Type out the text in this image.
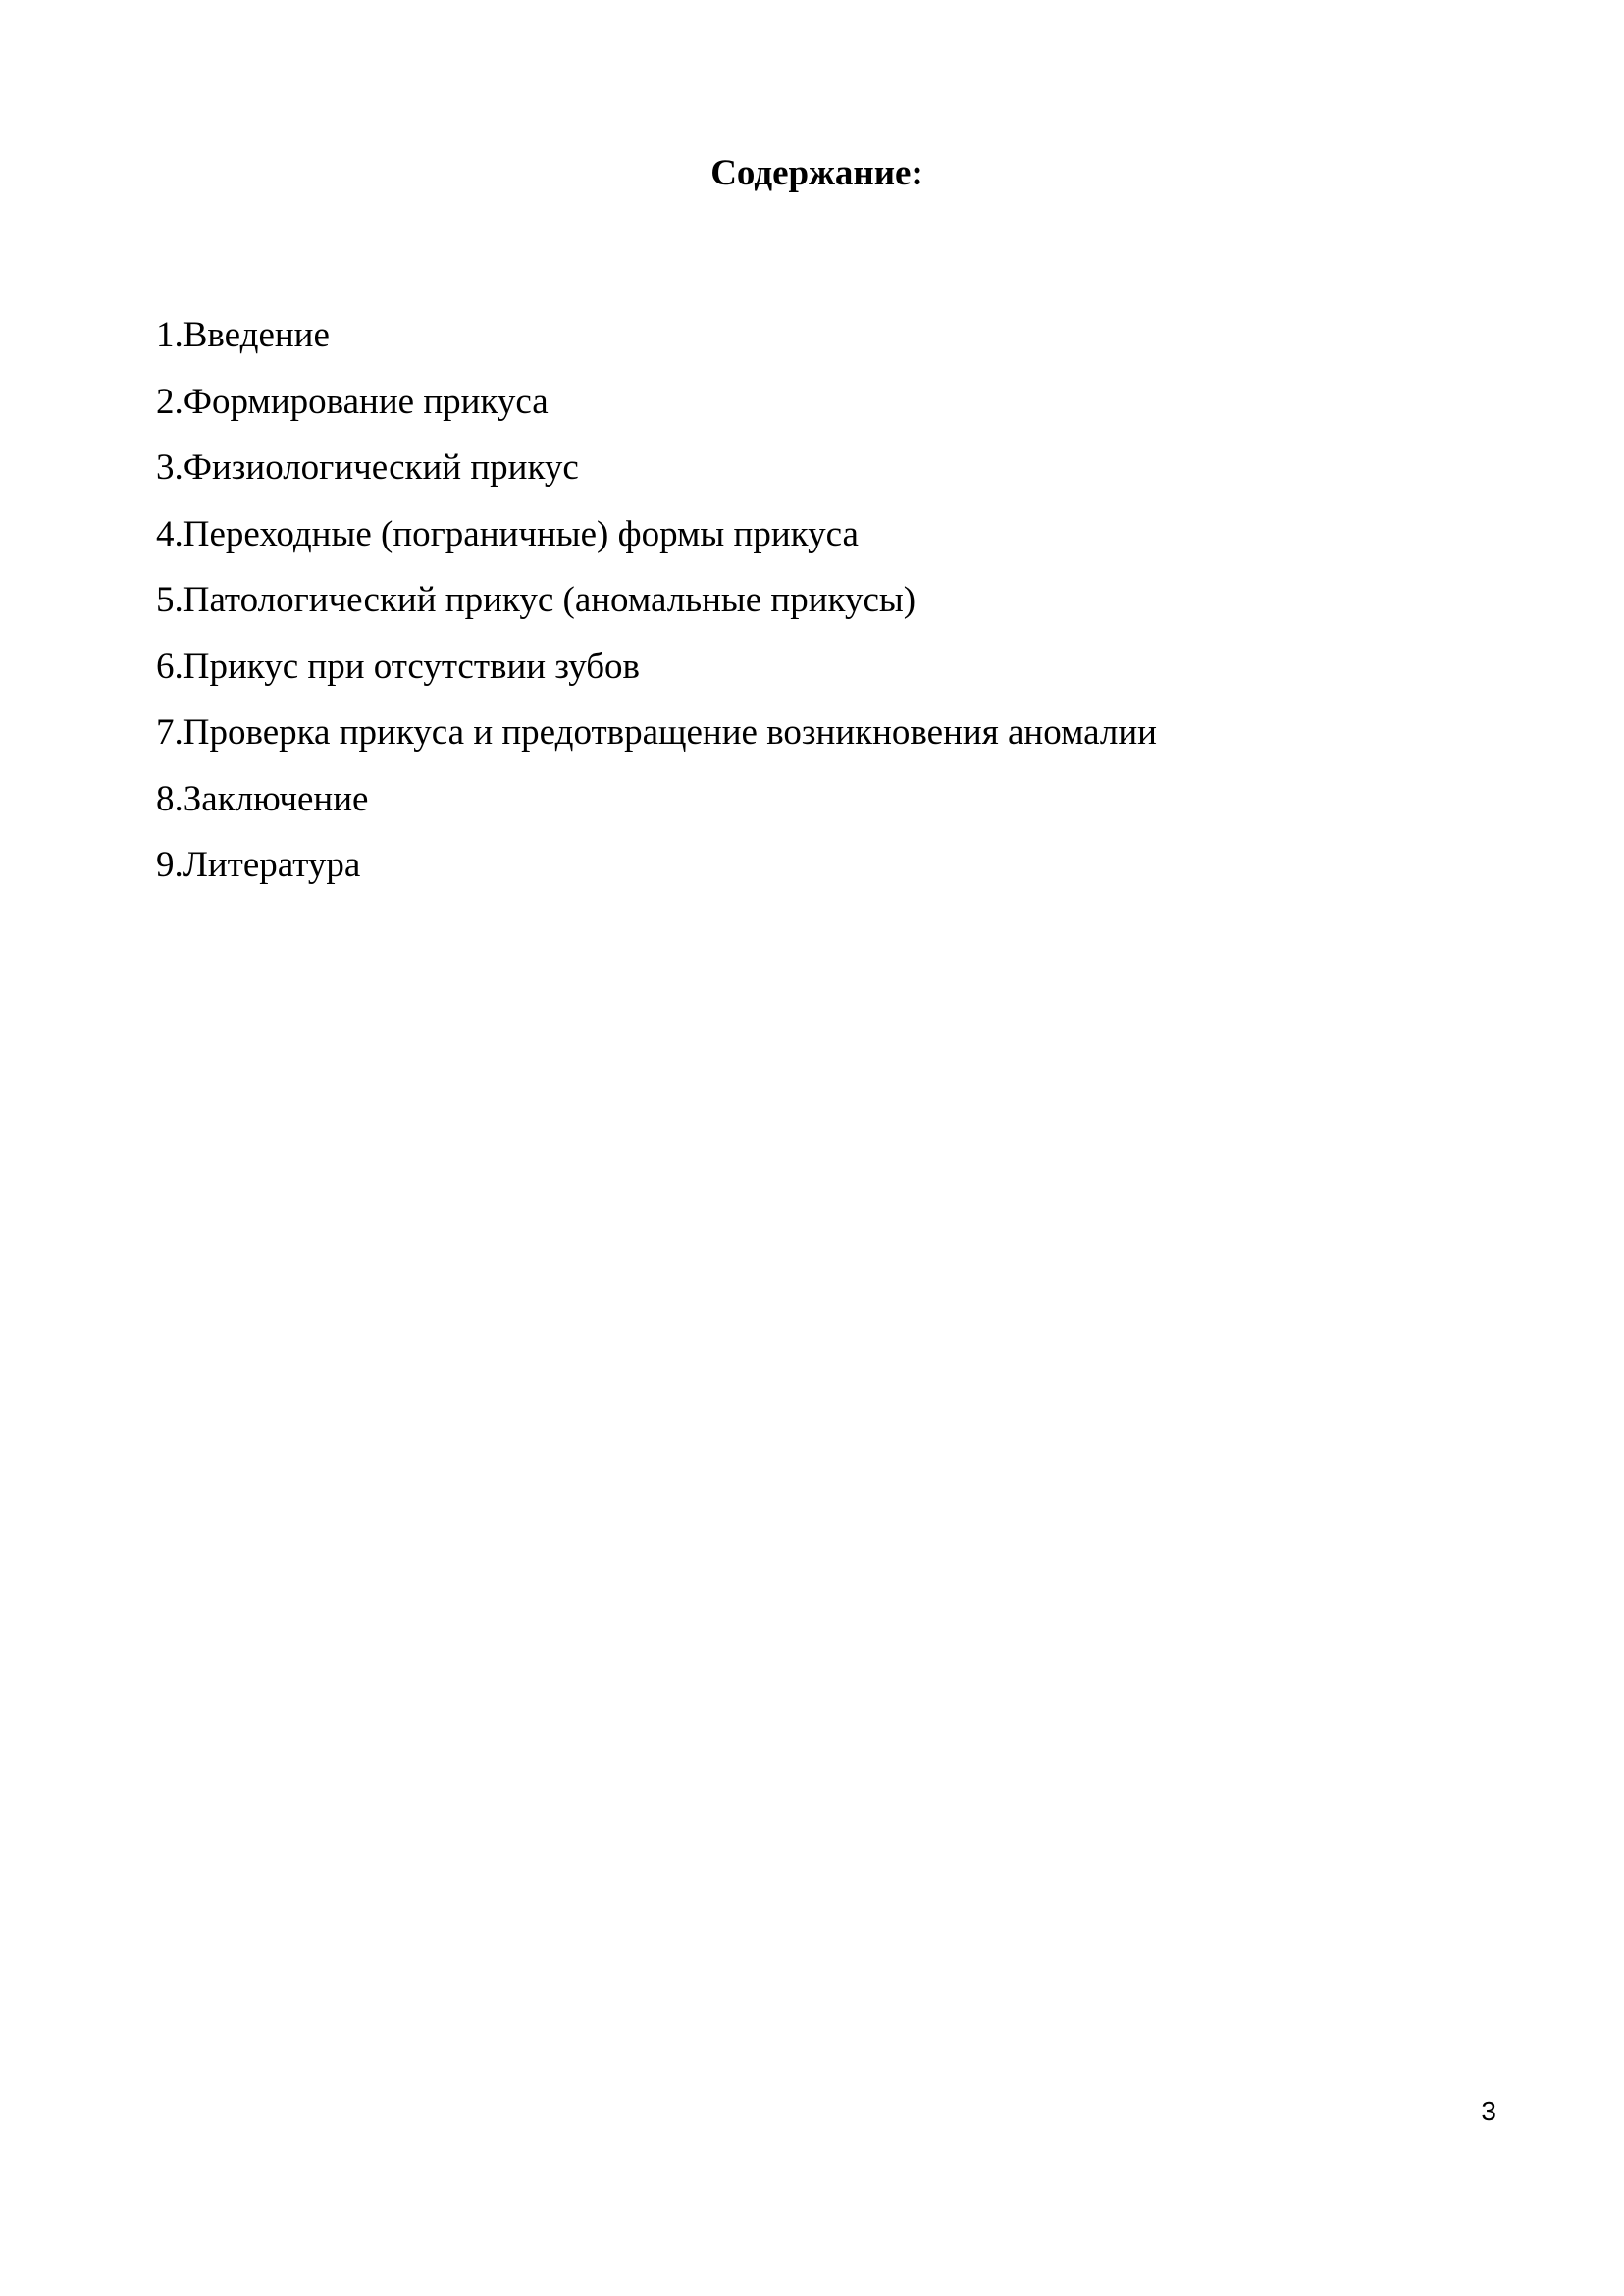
Содержание:
1.Введение
2.Формирование прикуса
3.Физиологический прикус
4.Переходные (пограничные) формы прикуса
5.Патологический прикус (аномальные прикусы)
6.Прикус при отсутствии зубов
7.Проверка прикуса и предотвращение возникновения аномалии
8.Заключение
9.Литература
3
